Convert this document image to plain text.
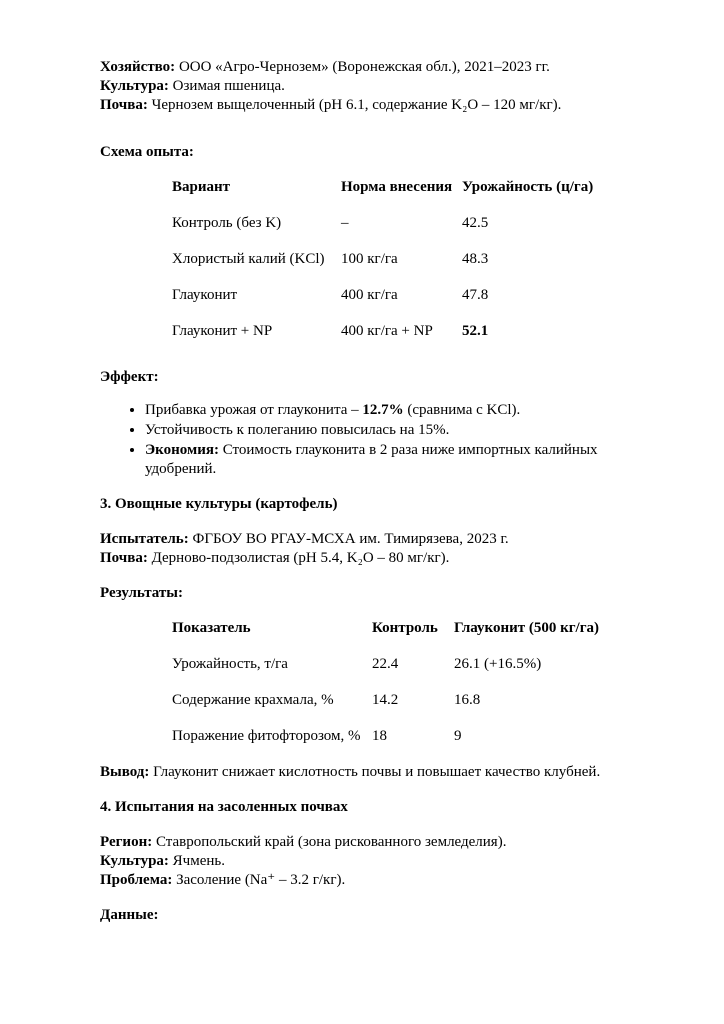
Хозяйство: ООО «Агро-Чернозем» (Воронежская обл.), 2021–2023 гг.

Культура: Озимая пшеница.

Почва: Чернозем выщелоченный (pH 6.1, содержание K₂O – 120 мг/кг).

Схема опыта:

Вариант	Норма внесения	Урожайность (ц/га)
Контроль (без K)	–	42.5
Хлористый калий (KCl)	100 кг/га	48.3
Глауконит	400 кг/га	47.8
Глауконит + NP	400 кг/га + NP	52.1

Эффект:

• Прибавка урожая от глауконита – 12.7% (сравнима с KCl).
• Устойчивость к полеганию повысилась на 15%.
• Экономия: Стоимость глауконита в 2 раза ниже импортных калийных удобрений.

3. Овощные культуры (картофель)

Испытатель: ФГБОУ ВО РГАУ-МСХА им. Тимирязева, 2023 г.

Почва: Дерново-подзолистая (pH 5.4, K₂O – 80 мг/кг).

Результаты:

Показатель	Контроль	Глауконит (500 кг/га)
Урожайность, т/га	22.4	26.1 (+16.5%)
Содержание крахмала, %	14.2	16.8
Поражение фитофторозом, %	18	9

Вывод: Глауконит снижает кислотность почвы и повышает качество клубней.

4. Испытания на засоленных почвах

Регион: Ставропольский край (зона рискованного земледелия).

Культура: Ячмень.

Проблема: Засоление (Na⁺ – 3.2 г/кг).

Данные:
